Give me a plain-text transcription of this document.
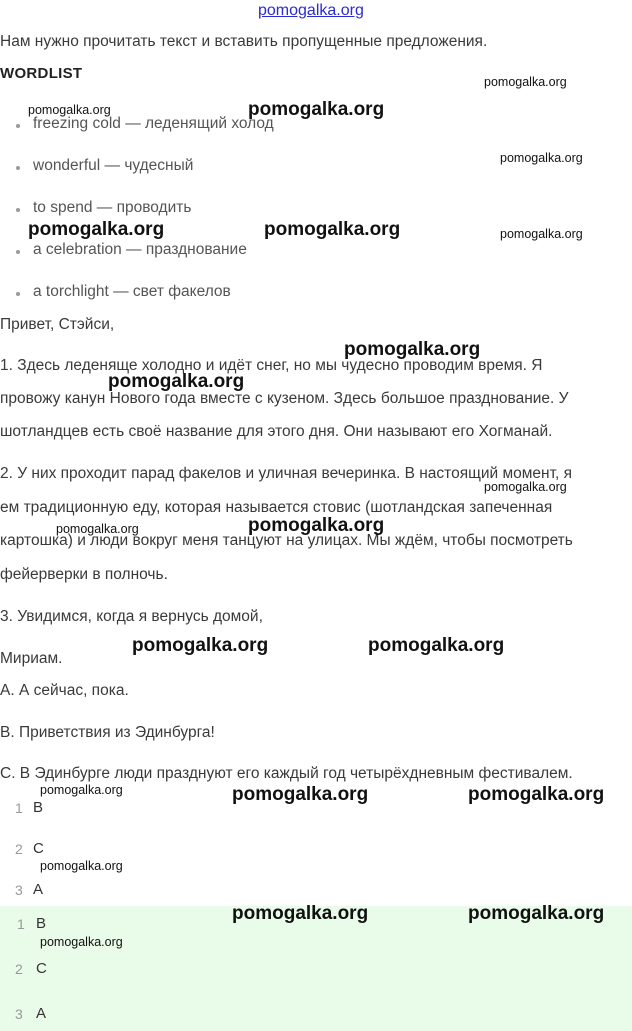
pomogalka.org
Нам нужно прочитать текст и вставить пропущенные предложения.
WORDLIST
freezing cold — леденящий холод
wonderful — чудесный
to spend — проводить
a celebration — празднование
a torchlight — свет факелов
Привет, Стэйси,
1. Здесь леденяще холодно и идёт снег, но мы чудесно проводим время. Я
провожу канун Нового года вместе с кузеном. Здесь большое празднование. У
шотландцев есть своё название для этого дня. Они называют его Хогманай.
2. У них проходит парад факелов и уличная вечеринка. В настоящий момент, я
ем традиционную еду, которая называется стовис (шотландская запеченная
картошка) и люди вокруг меня танцуют на улицах. Мы ждём, чтобы посмотреть
фейерверки в полночь.
3. Увидимся, когда я вернусь домой,
Мириам.
A. А сейчас, пока.
B. Приветствия из Эдинбурга!
C. В Эдинбурге люди празднуют его каждый год четырёхдневным фестивалем.
1 B
2 C
3 A
1 B
2 C
3 A
pomogalka.org
pomogalka.org	pomogalka.org
pomogalka.org
pomogalka.org	pomogalka.org	pomogalka.org
pomogalka.org
pomogalka.org
pomogalka.org
pomogalka.org	pomogalka.org
pomogalka.org	pomogalka.org
pomogalka.org	pomogalka.org	pomogalka.org
pomogalka.org
pomogalka.org	pomogalka.org
pomogalka.org
